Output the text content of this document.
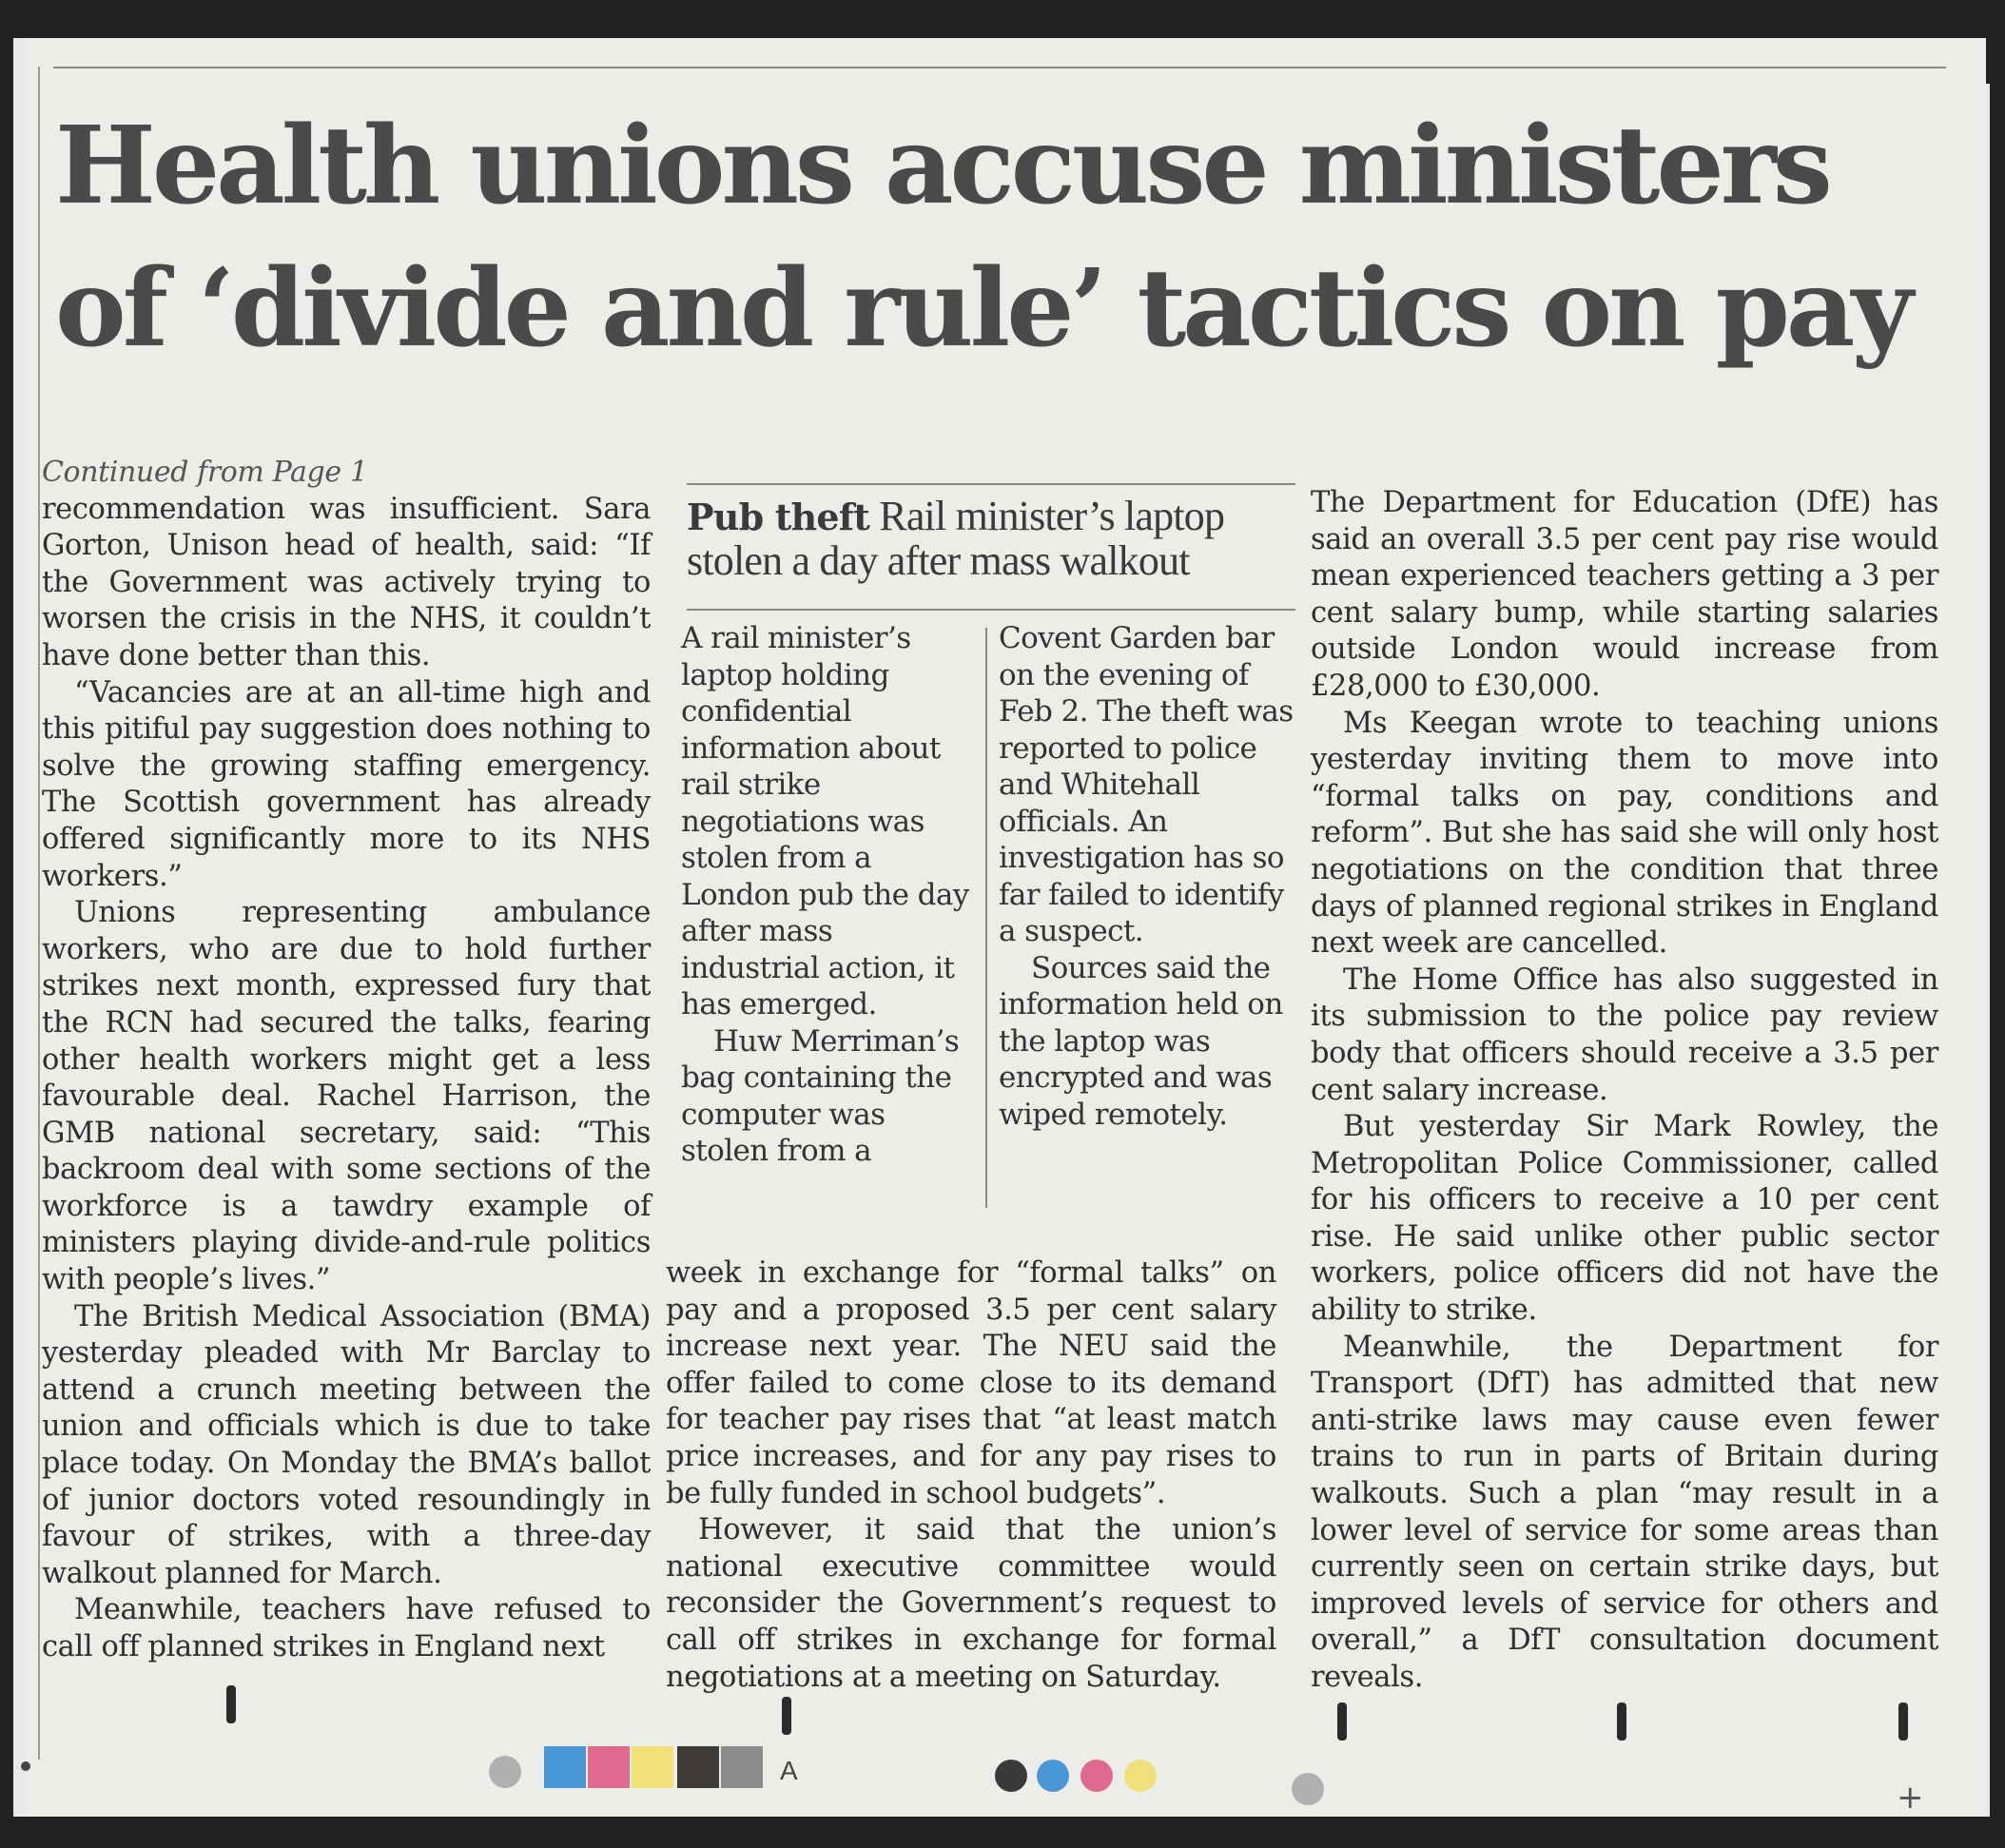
Health unions accuse ministers
of ‘divide and rule’ tactics on pay

Continued from Page 1

recommendation was insufficient. Sara Gorton, Unison head of health, said: “If the Government was actively trying to worsen the crisis in the NHS, it couldn’t have done better than this.

“Vacancies are at an all-time high and this pitiful pay suggestion does nothing to solve the growing staffing emergency. The Scottish government has already offered significantly more to its NHS workers.”

Unions representing ambulance workers, who are due to hold further strikes next month, expressed fury that the RCN had secured the talks, fearing other health workers might get a less favourable deal. Rachel Harrison, the GMB national secretary, said: “This backroom deal with some sections of the workforce is a tawdry example of ministers playing divide-and-rule politics with people’s lives.”

The British Medical Association (BMA) yesterday pleaded with Mr Barclay to attend a crunch meeting between the union and officials which is due to take place today. On Monday the BMA’s ballot of junior doctors voted resoundingly in favour of strikes, with a three-day walkout planned for March.

Meanwhile, teachers have refused to call off planned strikes in England next

Pub theft Rail minister’s laptop stolen a day after mass walkout

A rail minister’s laptop holding confidential information about rail strike negotiations was stolen from a London pub the day after mass industrial action, it has emerged.

Huw Merriman’s bag containing the computer was stolen from a

Covent Garden bar on the evening of Feb 2. The theft was reported to police and Whitehall officials. An investigation has so far failed to identify a suspect.

Sources said the information held on the laptop was encrypted and was wiped remotely.

week in exchange for “formal talks” on pay and a proposed 3.5 per cent salary increase next year. The NEU said the offer failed to come close to its demand for teacher pay rises that “at least match price increases, and for any pay rises to be fully funded in school budgets”.

However, it said that the union’s national executive committee would reconsider the Government’s request to call off strikes in exchange for formal negotiations at a meeting on Saturday.

The Department for Education (DfE) has said an overall 3.5 per cent pay rise would mean experienced teachers getting a 3 per cent salary bump, while starting salaries outside London would increase from £28,000 to £30,000.

Ms Keegan wrote to teaching unions yesterday inviting them to move into “formal talks on pay, conditions and reform”. But she has said she will only host negotiations on the condition that three days of planned regional strikes in England next week are cancelled.

The Home Office has also suggested in its submission to the police pay review body that officers should receive a 3.5 per cent salary increase.

But yesterday Sir Mark Rowley, the Metropolitan Police Commissioner, called for his officers to receive a 10 per cent rise. He said unlike other public sector workers, police officers did not have the ability to strike.

Meanwhile, the Department for Transport (DfT) has admitted that new anti-strike laws may cause even fewer trains to run in parts of Britain during walkouts. Such a plan “may result in a lower level of service for some areas than currently seen on certain strike days, but improved levels of service for others and overall,” a DfT consultation document reveals.

A
+
